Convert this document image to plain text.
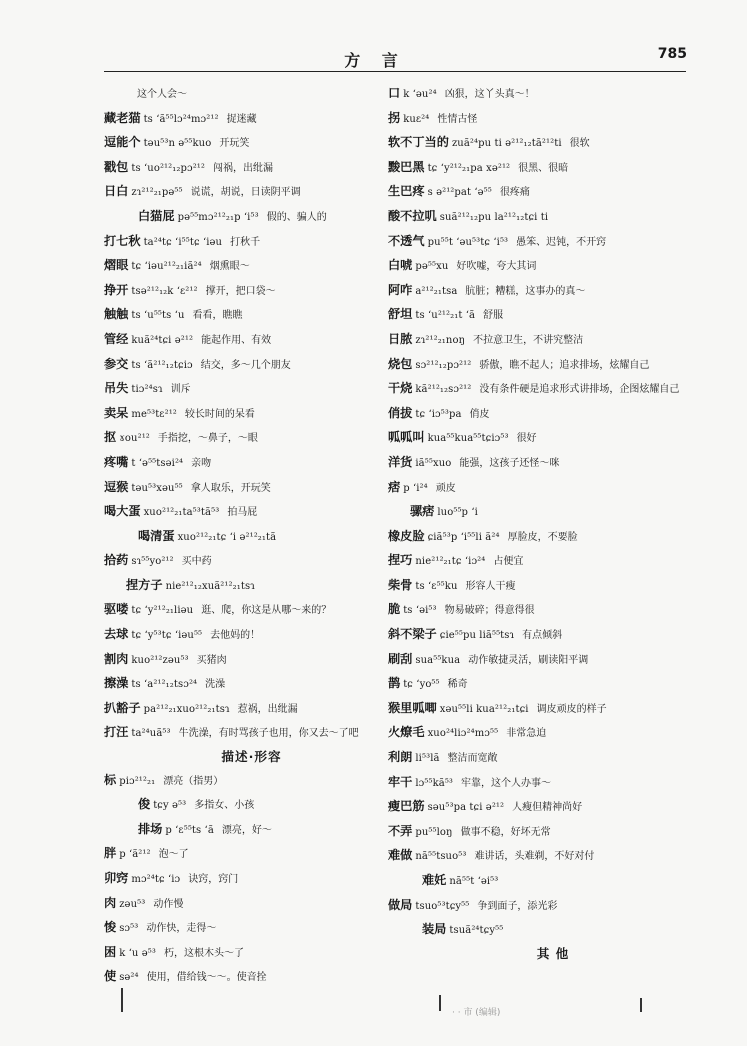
方 言	785
这个人会～
藏老猫 ts ʻã⁵⁵lɔ²⁴mɔ²¹² 捉迷藏
逗能个 təu⁵³n ə⁵⁵kuo 开玩笑
戳包 ts ʻuo²¹²₁₂pɔ²¹² 闯祸，出纰漏
日白 zɿ²¹²₂₁pə⁵⁵ 说谎，胡说，日读阴平调
白猫屁 pə⁵⁵mɔ²¹²₂₁p ʻi⁵³ 假的、骗人的
打七秋 ta²⁴tɕ ʻi⁵⁵tɕ ʻiəu 打秋千
熠眼 tɕ ʻiəu²¹²₂₁iã²⁴ 烟熏眼～
挣开 tsə²¹²₁₂k ʻɛ²¹² 撑开，把口袋～
触触 ts ʻu⁵⁵ts ʻu 看看，瞧瞧
管经 kuã²⁴tɕi ə²¹² 能起作用、有效
参交 ts ʻã²¹²₁₂tɕiɔ 结交，多～几个朋友
吊失 tiɔ²⁴sɿ 训斥
卖呆 me⁵³tɛ²¹² 较长时间的呆看
抠 ɤou²¹² 手指挖，～鼻子，～眼
疼嘴 t ʻə⁵⁵tsəi²⁴ 亲吻
逗猴 təu⁵³xəu⁵⁵ 拿人取乐，开玩笑
喝大蛋 xuo²¹²₂₁ta⁵³tã⁵³ 拍马屁
喝清蛋 xuo²¹²₂₁tɕ ʻi ə²¹²₂₁tã
拾药 sɿ⁵⁵yo²¹² 买中药
捏方子 nie²¹²₁₂xuã²¹²₂₁tsɿ
驱喽 tɕ ʻy²¹²₂₁liəu 逛、爬，你这是从哪～来的？
去球 tɕ ʻy⁵³tɕ ʻiəu⁵⁵ 去他妈的！
割肉 kuo²¹²zəu⁵³ 买猪肉
擦澡 ts ʻa²¹²₁₂tsɔ²⁴ 洗澡
扒豁子 pa²¹²₂₁xuo²¹²₂₁tsɿ 惹祸，出纰漏
打汪 ta²⁴uã⁵³ 牛洗澡，有时骂孩子也用，你又去～了吧
描述·形容
标 piɔ²¹²₂₁ 漂亮（指男）
俊 tɕy ə⁵³ 多指女、小孩
排场 p ʻɛ⁵⁵ts ʻã 漂亮，好～
胖 p ʻã²¹² 泡～了
卯窍 mɔ²⁴tɕ ʻiɔ 诀窍，窍门
肉 zəu⁵³ 动作慢
悛 sɔ⁵³ 动作快，走得～
困 k ʻu ə⁵³ 朽，这根木头～了
使 sə²⁴ 使用，借给钱～～。使音拴
口 k ʻəu²⁴ 凶狠，这丫头真～！
拐 kuɛ²⁴ 性情古怪
软不丁当的 zuã²⁴pu ti ə²¹²₁₂tã²¹²ti 很软
黢巴黑 tɕ ʻy²¹²₂₁pa xə²¹² 很黑、很暗
生巴疼 s ə²¹²pat ʻə⁵⁵ 很疼痛
酸不拉叽 suã²¹²₁₂pu la²¹²₁₂tɕi ti
不透气 pu⁵⁵t ʻəu⁵³tɕ ʻi⁵³ 愚笨、迟钝，不开窍
白唬 pə⁵⁵xu 好吹嘘，夸大其词
阿咋 a²¹²₂₁tsa 肮脏；糟糕，这事办的真～
舒坦 ts ʻu²¹²₂₁t ʻã 舒服
日脓 zɿ²¹²₂₁noŋ 不拉意卫生，不讲究整洁
烧包 sɔ²¹²₁₂pɔ²¹² 骄傲，瞧不起人；追求排场，炫耀自己
干烧 kã²¹²₁₂sɔ²¹² 没有条件硬是追求形式讲排场，企图炫耀自己
俏拔 tɕ ʻiɔ⁵³pa 俏皮
呱呱叫 kua⁵⁵kua⁵⁵tɕiɔ⁵³ 很好
洋货 iã⁵⁵xuo 能强，这孩子还怪～咪
痞 p ʻi²⁴ 顽皮
骡痞 luo⁵⁵p ʻi
橡皮脸 ɕiã⁵³p ʻi⁵⁵li ã²⁴ 厚脸皮，不要脸
捏巧 nie²¹²₂₁tɕ ʻiɔ²⁴ 占便宜
柴骨 ts ʻɛ⁵⁵ku 形容人干瘦
脆 ts ʻəi⁵³ 物易破碎；得意得很
斜不梁子 ɕie⁵⁵pu liã⁵⁵tsɿ 有点倾斜
刷刮 sua⁵⁵kua 动作敏捷灵活，刷读阳平调
鹊 tɕ ʻyo⁵⁵ 稀奇
猴里呱唧 xəu⁵⁵li kua²¹²₂₁tɕi 调皮顽皮的样子
火燎毛 xuo²⁴liɔ²⁴mɔ⁵⁵ 非常急迫
利朗 li⁵³lã 整洁而宽敞
牢干 lɔ⁵⁵kã⁵³ 牢靠，这个人办事～
瘦巴筋 səu⁵³pa tɕi ə²¹² 人瘦但精神尚好
不弄 pu⁵⁵loŋ 做事不稳，好坏无常
难做 nã⁵⁵tsuo⁵³ 难讲话，头难剃，不好对付
难奼 nã⁵⁵t ʻəi⁵³
做局 tsuo⁵³tɕy⁵⁵ 争到面子，添光彩
装局 tsuã²⁴tɕy⁵⁵
其 他
· · 市 (编辑)
